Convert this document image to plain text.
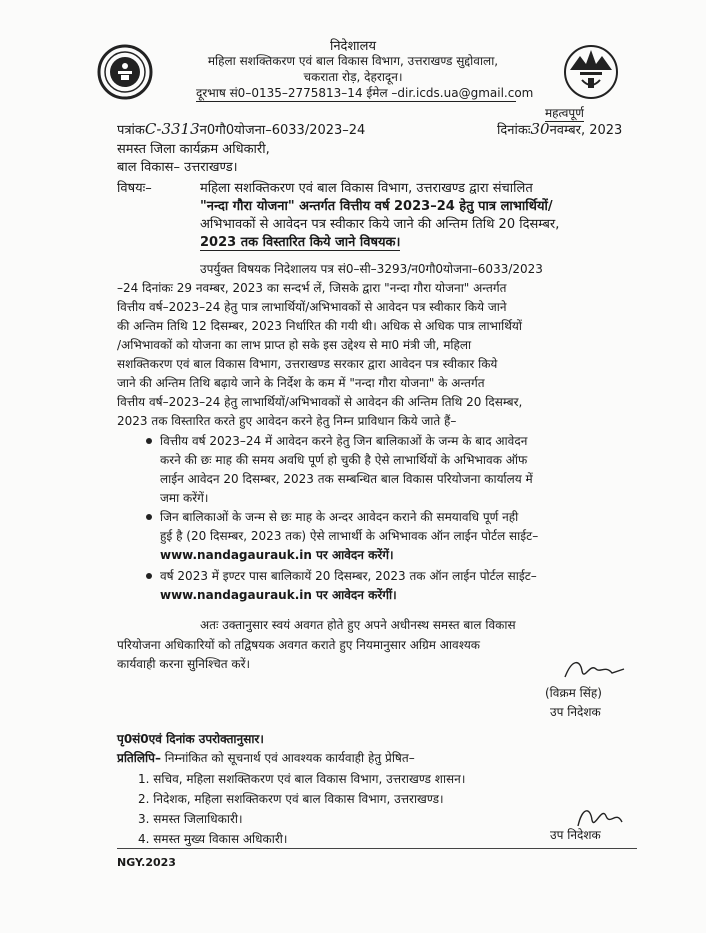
निदेशालय
महिला सशक्तिकरण एवं बाल विकास विभाग, उत्तराखण्ड सुद्दोवाला,
चकराता रोड़, देहरादून।
दूरभाष सं0–0135–2775813–14 ईमेल –dir.icds.ua@gmail.com
महत्वपूर्ण
पत्रांकC-3313न0गौ0योजना–6033/2023–24	दिनांकः30नवम्बर, 2023
समस्त जिला कार्यक्रम अधिकारी,
बाल विकास– उत्तराखण्ड।
विषयः–	महिला सशक्तिकरण एवं बाल विकास विभाग, उत्तराखण्ड द्वारा संचालित
"नन्दा गौरा योजना" अन्तर्गत वित्तीय वर्ष 2023–24 हेतु पात्र लाभार्थियों/
अभिभावकों से आवेदन पत्र स्वीकार किये जाने की अन्तिम तिथि 20 दिसम्बर,
2023 तक विस्तारित किये जाने विषयक।
उपर्युक्त विषयक निदेशालय पत्र सं0–सी–3293/न0गौ0योजना–6033/2023
–24 दिनांकः 29 नवम्बर, 2023 का सन्दर्भ लें, जिसके द्वारा "नन्दा गौरा योजना" अन्तर्गत
वित्तीय वर्ष–2023–24 हेतु पात्र लाभार्थियों/अभिभावकों से आवेदन पत्र स्वीकार किये जाने
की अन्तिम तिथि 12 दिसम्बर, 2023 निर्धारित की गयी थी। अधिक से अधिक पात्र लाभार्थियों
/अभिभावकों को योजना का लाभ प्राप्त हो सके इस उद्देश्य से मा0 मंत्री जी, महिला
सशक्तिकरण एवं बाल विकास विभाग, उत्तराखण्ड सरकार द्वारा आवेदन पत्र स्वीकार किये
जाने की अन्तिम तिथि बढ़ाये जाने के निर्देश के कम में "नन्दा गौरा योजना" के अन्तर्गत
वित्तीय वर्ष–2023–24 हेतु लाभार्थियों/अभिभावकों से आवेदन की अन्तिम तिथि 20 दिसम्बर,
2023 तक विस्तारित करते हुए आवेदन करने हेतु निम्न प्राविधान किये जाते हैं–
वित्तीय वर्ष 2023–24 में आवेदन करने हेतु जिन बालिकाओं के जन्म के बाद आवेदन
करने की छः माह की समय अवधि पूर्ण हो चुकी है ऐसे लाभार्थियों के अभिभावक ऑफ
लाईन आवेदन 20 दिसम्बर, 2023 तक सम्बन्धित बाल विकास परियोजना कार्यालय में
जमा करेंगें।
जिन बालिकाओं के जन्म से छः माह के अन्दर आवेदन कराने की समयावधि पूर्ण नही
हुई है (20 दिसम्बर, 2023 तक) ऐसे लाभार्थी के अभिभावक ऑन लाईन पोर्टल साईट–
www.nandagaurauk.in पर आवेदन करेंगें।
वर्ष 2023 में इण्टर पास बालिकायें 20 दिसम्बर, 2023 तक ऑन लाईन पोर्टल साईट–
www.nandagaurauk.in पर आवेदन करेंगीं।
अतः उक्तानुसार स्वयं अवगत होते हुए अपने अधीनस्थ समस्त बाल विकास
परियोजना अधिकारियों को तद्विषयक अवगत कराते हुए नियमानुसार अग्रिम आवश्यक
कार्यवाही करना सुनिश्चित करें।
(विक्रम सिंह)
उप निदेशक
पृ0सं0एवं दिनांक उपरोक्तानुसार।
प्रतिलिपि– निम्नांकित को सूचनार्थ एवं आवश्यक कार्यवाही हेतु प्रेषित–
1. सचिव, महिला सशक्तिकरण एवं बाल विकास विभाग, उत्तराखण्ड शासन।
2. निदेशक, महिला सशक्तिकरण एवं बाल विकास विभाग, उत्तराखण्ड।
3. समस्त जिलाधिकारी।
4. समस्त मुख्य विकास अधिकारी।	उप निदेशक
NGY.2023
